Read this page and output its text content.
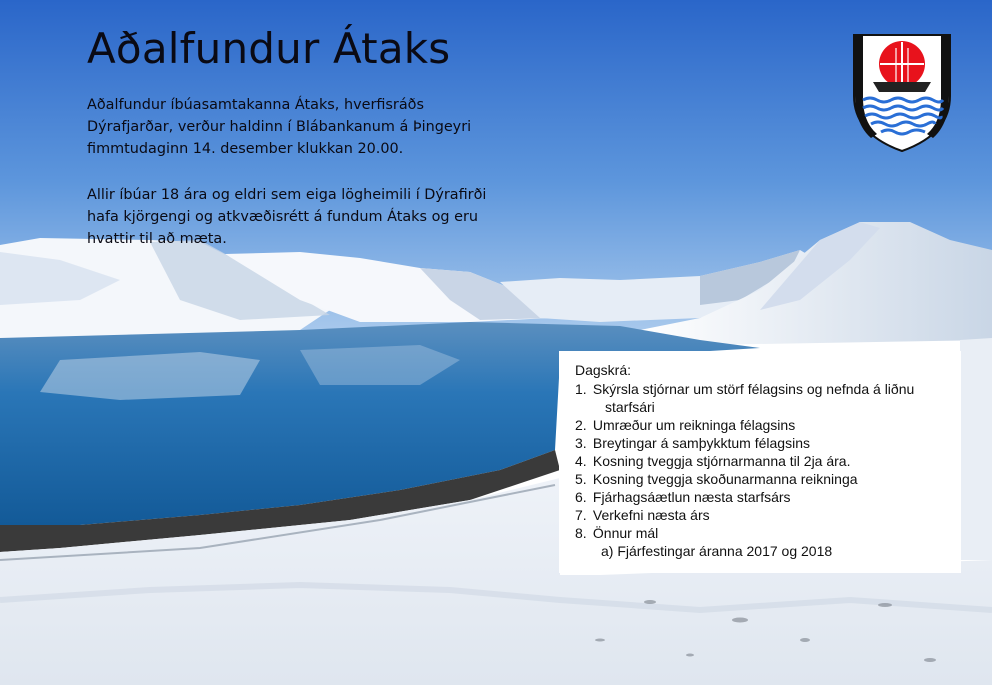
Aðalfundur Átaks

Aðalfundur íbúasamtakanna Átaks, hverfisráðs
Dýrafjarðar, verður haldinn í Blábankanum á Þingeyri
fimmtudaginn 14. desember klukkan 20.00.

Allir íbúar 18 ára og eldri sem eiga lögheimili í Dýrafirði
hafa kjörgengi og atkvæðisrétt á fundum Átaks og eru
hvattir til að mæta.

Dagskrá:
1. Skýrsla stjórnar um störf félagsins og nefnda á liðnu
starfsári
2. Umræður um reikninga félagsins
3. Breytingar á samþykktum félagsins
4. Kosning tveggja stjórnarmanna til 2ja ára.
5. Kosning tveggja skoðunarmanna reikninga
6. Fjárhagsáætlun næsta starfsárs
7. Verkefni næsta árs
8. Önnur mál
a) Fjárfestingar áranna 2017 og 2018
